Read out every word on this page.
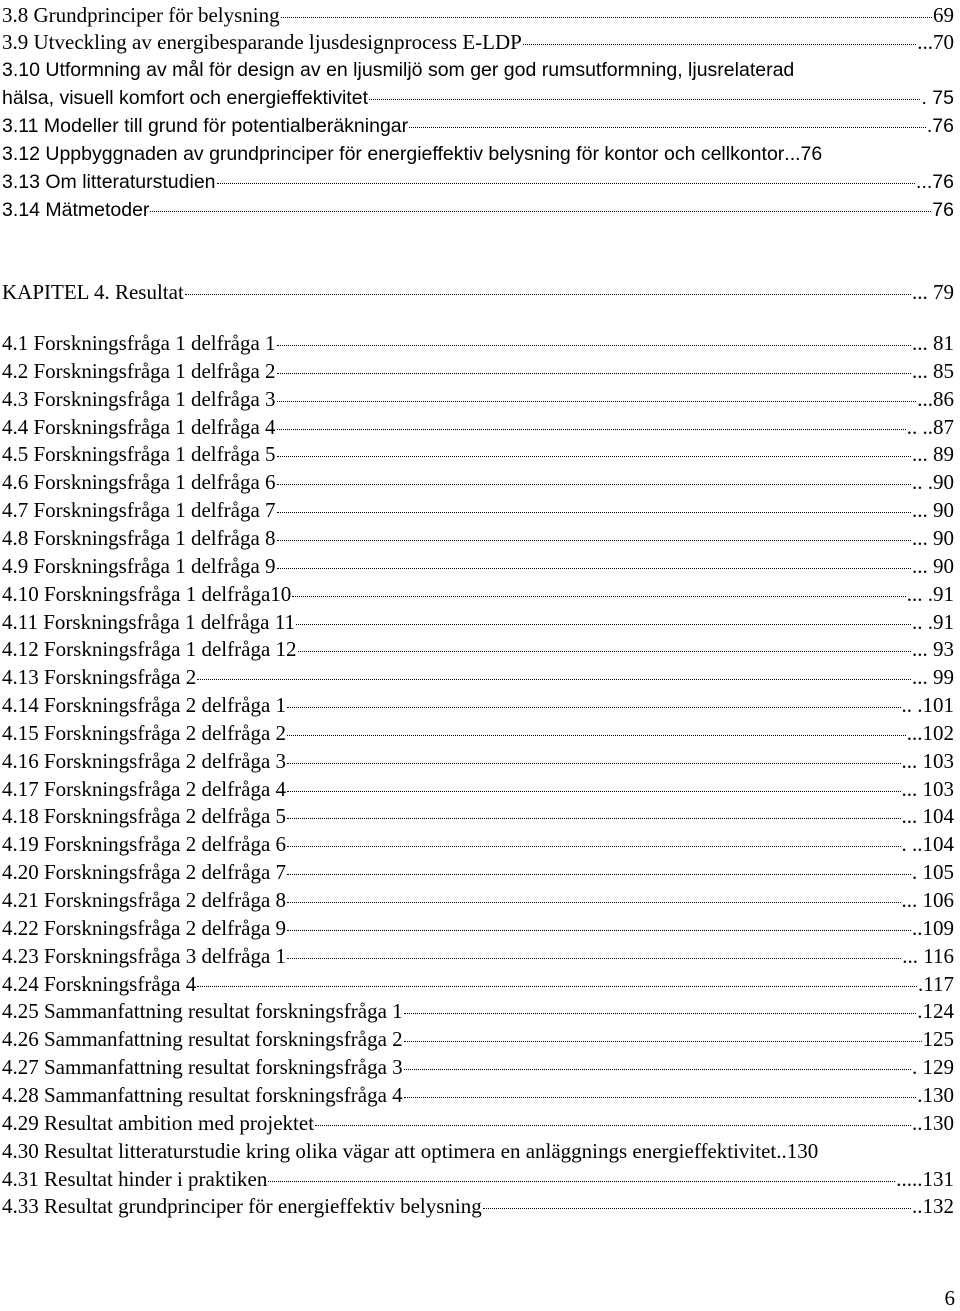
3.8 Grundprinciper för belysning	69
3.9 Utveckling av energibesparande ljusdesignprocess E-LDP	...70
3.10 Utformning av mål för design av en ljusmiljö som ger god rumsutformning, ljusrelaterad
hälsa, visuell komfort och energieffektivitet	. 75
3.11 Modeller till grund för potentialberäkningar	.76
3.12 Uppbyggnaden av grundprinciper för energieffektiv belysning för kontor och cellkontor ...76
3.13 Om litteraturstudien	...76
3.14 Mätmetoder	76
KAPITEL 4. Resultat	... 79
4.1 Forskningsfråga 1 delfråga 1	... 81
4.2 Forskningsfråga 1 delfråga 2	... 85
4.3 Forskningsfråga 1 delfråga 3	...86
4.4 Forskningsfråga 1 delfråga 4	.. ..87
4.5 Forskningsfråga 1 delfråga 5	... 89
4.6 Forskningsfråga 1 delfråga 6	.. .90
4.7 Forskningsfråga 1 delfråga 7	... 90
4.8 Forskningsfråga 1 delfråga 8	... 90
4.9 Forskningsfråga 1 delfråga 9	... 90
4.10 Forskningsfråga 1 delfråga10	... .91
4.11 Forskningsfråga 1 delfråga 11	.. .91
4.12 Forskningsfråga 1 delfråga 12	... 93
4.13 Forskningsfråga 2	... 99
4.14 Forskningsfråga 2 delfråga 1	.. .101
4.15 Forskningsfråga 2 delfråga 2	...102
4.16 Forskningsfråga 2 delfråga 3	... 103
4.17 Forskningsfråga 2 delfråga 4	... 103
4.18 Forskningsfråga 2 delfråga 5	... 104
4.19 Forskningsfråga 2 delfråga 6	. ..104
4.20 Forskningsfråga 2 delfråga 7	. 105
4.21 Forskningsfråga 2 delfråga 8	... 106
4.22 Forskningsfråga 2 delfråga 9	..109
4.23 Forskningsfråga 3 delfråga 1	... 116
4.24 Forskningsfråga 4	.117
4.25 Sammanfattning resultat forskningsfråga 1	.124
4.26 Sammanfattning resultat forskningsfråga 2	125
4.27 Sammanfattning resultat forskningsfråga 3	. 129
4.28 Sammanfattning resultat forskningsfråga 4	.130
4.29 Resultat ambition med projektet	..130
4.30 Resultat litteraturstudie kring olika vägar att optimera en anläggnings energieffektivitet ..130
4.31 Resultat hinder i praktiken	.....131
4.33 Resultat grundprinciper för energieffektiv belysning	..132
6
